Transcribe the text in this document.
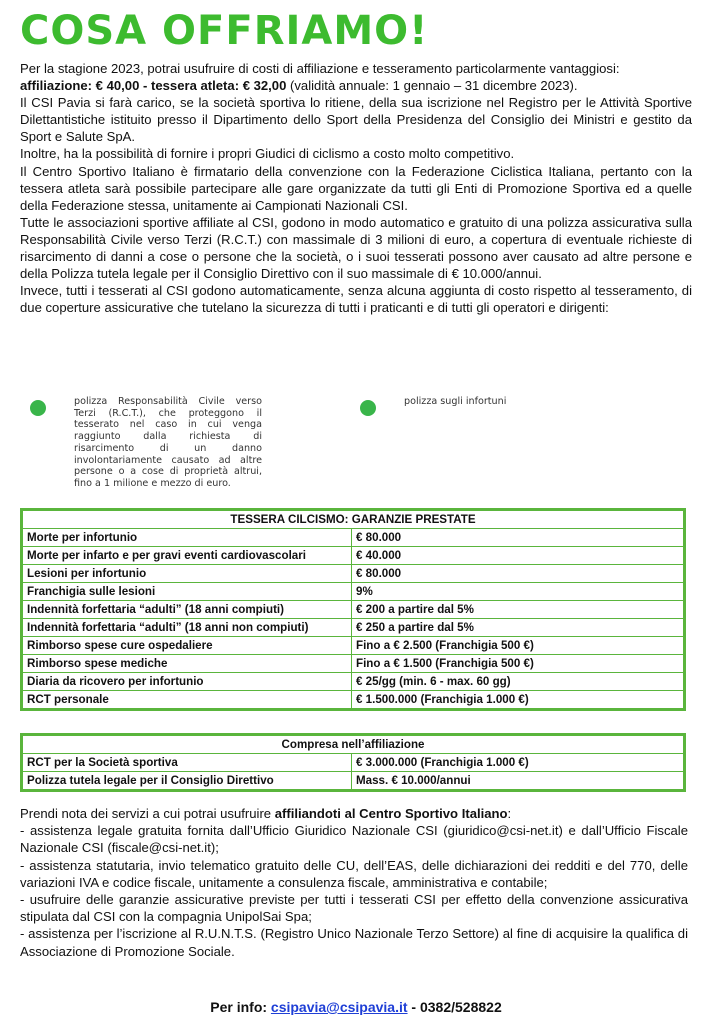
COSA OFFRIAMO!

Per la stagione 2023, potrai usufruire di costi di affiliazione e tesseramento particolarmente vantaggiosi:

affiliazione: € 40,00 - tessera atleta: € 32,00 (validità annuale: 1 gennaio – 31 dicembre 2023).

Il CSI Pavia si farà carico, se la società sportiva lo ritiene, della sua iscrizione nel Registro per le Attività Sportive Dilettantistiche istituito presso il Dipartimento dello Sport della Presidenza del Consiglio dei Ministri e gestito da Sport e Salute SpA.

Inoltre, ha la possibilità di fornire i propri Giudici di ciclismo a costo molto competitivo.

Il Centro Sportivo Italiano è firmatario della convenzione con la Federazione Ciclistica Italiana, pertanto con la tessera atleta sarà possibile partecipare alle gare organizzate da tutti gli Enti di Promozione Sportiva ed a quelle della Federazione stessa, unitamente ai Campionati Nazionali CSI.

Tutte le associazioni sportive affiliate al CSI, godono in modo automatico e gratuito di una polizza assicurativa sulla Responsabilità Civile verso Terzi (R.C.T.) con massimale di 3 milioni di euro, a copertura di eventuale richieste di risarcimento di danni a cose o persone che la società, o i suoi tesserati possono aver causato ad altre persone e della Polizza tutela legale per il Consiglio Direttivo con il suo massimale di € 10.000/annui.

Invece, tutti i tesserati al CSI godono automaticamente, senza alcuna aggiunta di costo rispetto al tesseramento, di due coperture assicurative che tutelano la sicurezza di tutti i praticanti e di tutti gli operatori e dirigenti:

polizza Responsabilità Civile verso Terzi (R.C.T.), che proteggono il tesserato nel caso in cui venga raggiunto dalla richiesta di risarcimento di un danno involontariamente causato ad altre persone o a cose di proprietà altrui, fino a 1 milione e mezzo di euro.
polizza sugli infortuni
TESSERA CILCISMO: GARANZIE PRESTATE	
Morte per infortunio	€ 80.000
Morte per infarto e per gravi eventi cardiovascolari	€ 40.000
Lesioni per infortunio	€ 80.000
Franchigia sulle lesioni	9%
Indennità forfettaria “adulti” (18 anni compiuti)	€ 200 a partire dal 5%
Indennità forfettaria “adulti” (18 anni non compiuti)	€ 250 a partire dal 5%
Rimborso spese cure ospedaliere	Fino a € 2.500 (Franchigia 500 €)
Rimborso spese mediche	Fino a € 1.500 (Franchigia 500 €)
Diaria da ricovero per infortunio	€ 25/gg (min. 6 - max. 60 gg)
RCT personale	€ 1.500.000 (Franchigia 1.000 €)
Compresa nell’affiliazione	
RCT per la Società sportiva	€ 3.000.000 (Franchigia 1.000 €)
Polizza tutela legale per il Consiglio Direttivo	Mass. € 10.000/annui

Prendi nota dei servizi a cui potrai usufruire affiliandoti al Centro Sportivo Italiano:

- assistenza legale gratuita fornita dall’Ufficio Giuridico Nazionale CSI (giuridico@csi-net.it) e dall’Ufficio Fiscale Nazionale CSI (fiscale@csi-net.it);

- assistenza statutaria, invio telematico gratuito delle CU, dell’EAS, delle dichiarazioni dei redditi e del 770, delle variazioni IVA e codice fiscale, unitamente a consulenza fiscale, amministrativa e contabile;

- usufruire delle garanzie assicurative previste per tutti i tesserati CSI per effetto della convenzione assicurativa stipulata dal CSI con la compagnia UnipolSai Spa;

- assistenza per l’iscrizione al R.U.N.T.S. (Registro Unico Nazionale Terzo Settore) al fine di acquisire la qualifica di Associazione di Promozione Sociale.

Per info: csipavia@csipavia.it - 0382/528822
